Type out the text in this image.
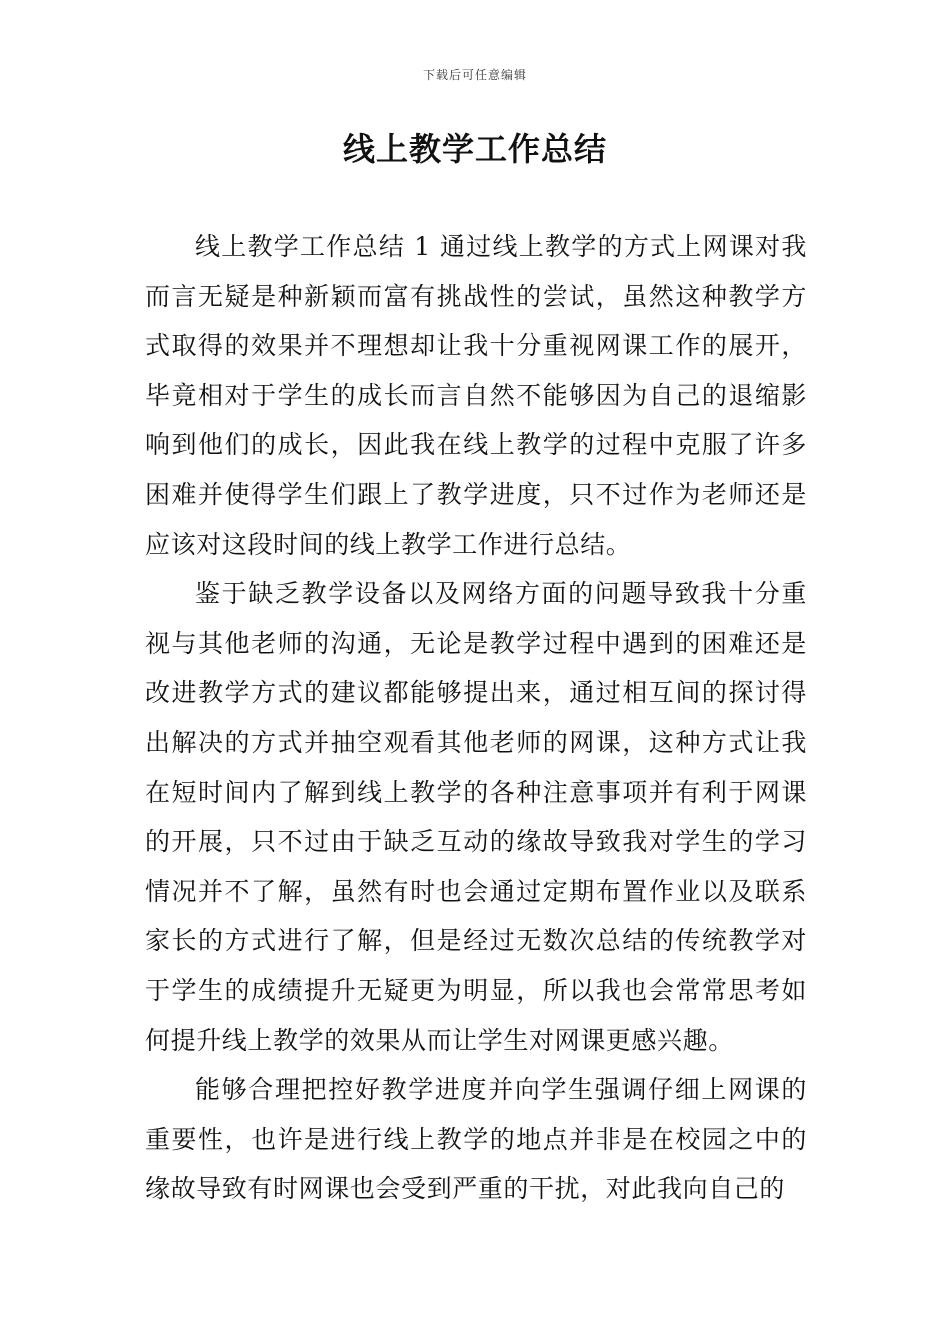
下载后可任意编辑
线上教学工作总结

线上教学工作总结 1 通过线上教学的方式上网课对我而言无疑是种新颖而富有挑战性的尝试，虽然这种教学方式取得的效果并不理想却让我十分重视网课工作的展开，毕竟相对于学生的成长而言自然不能够因为自己的退缩影响到他们的成长，因此我在线上教学的过程中克服了许多困难并使得学生们跟上了教学进度，只不过作为老师还是应该对这段时间的线上教学工作进行总结。

鉴于缺乏教学设备以及网络方面的问题导致我十分重视与其他老师的沟通，无论是教学过程中遇到的困难还是改进教学方式的建议都能够提出来，通过相互间的探讨得出解决的方式并抽空观看其他老师的网课，这种方式让我在短时间内了解到线上教学的各种注意事项并有利于网课的开展，只不过由于缺乏互动的缘故导致我对学生的学习情况并不了解，虽然有时也会通过定期布置作业以及联系家长的方式进行了解，但是经过无数次总结的传统教学对于学生的成绩提升无疑更为明显，所以我也会常常思考如何提升线上教学的效果从而让学生对网课更感兴趣。

能够合理把控好教学进度并向学生强调仔细上网课的重要性，也许是进行线上教学的地点并非是在校园之中的缘故导致有时网课也会受到严重的干扰，对此我向自己的
